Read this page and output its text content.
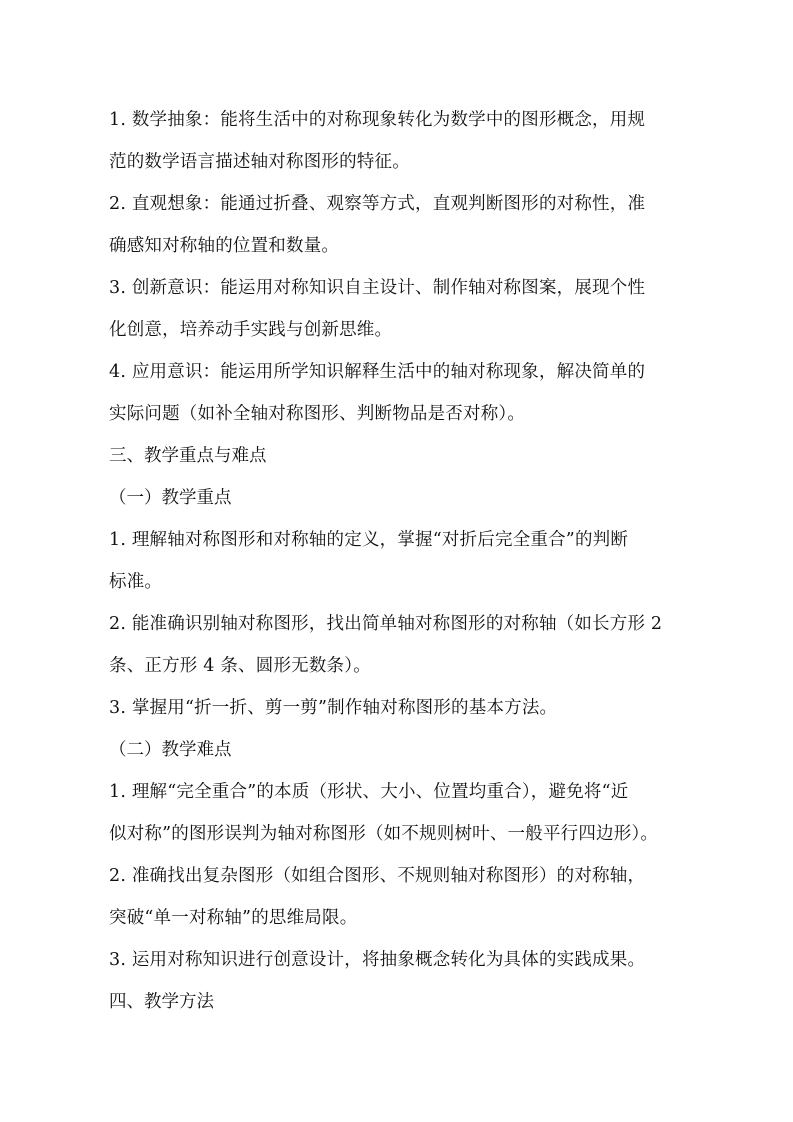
1. 数学抽象：能将生活中的对称现象转化为数学中的图形概念，用规

范的数学语言描述轴对称图形的特征。

2. 直观想象：能通过折叠、观察等方式，直观判断图形的对称性，准

确感知对称轴的位置和数量。

3. 创新意识：能运用对称知识自主设计、制作轴对称图案，展现个性

化创意，培养动手实践与创新思维。

4. 应用意识：能运用所学知识解释生活中的轴对称现象，解决简单的

实际问题（如补全轴对称图形、判断物品是否对称）。

三、教学重点与难点

（一）教学重点

1. 理解轴对称图形和对称轴的定义，掌握“对折后完全重合”的判断

标准。

2. 能准确识别轴对称图形，找出简单轴对称图形的对称轴（如长方形 2

条、正方形 4 条、圆形无数条）。

3. 掌握用“折一折、剪一剪”制作轴对称图形的基本方法。

（二）教学难点

1. 理解“完全重合”的本质（形状、大小、位置均重合），避免将“近

似对称”的图形误判为轴对称图形（如不规则树叶、一般平行四边形）。

2. 准确找出复杂图形（如组合图形、不规则轴对称图形）的对称轴，

突破“单一对称轴”的思维局限。

3. 运用对称知识进行创意设计，将抽象概念转化为具体的实践成果。

四、教学方法
